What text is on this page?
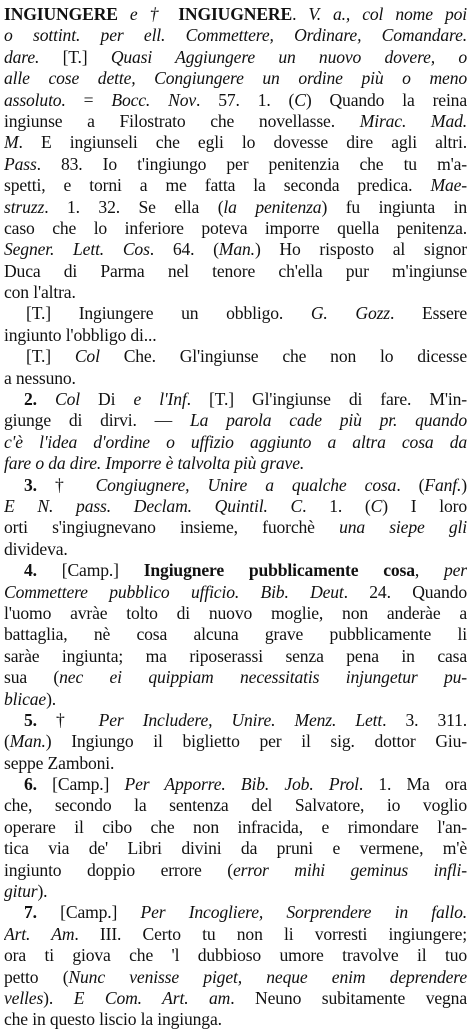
INGIUNGERE e † INGIUGNERE. V. a., col nome poi
o sottint. per ell. Commettere, Ordinare, Comandare.
dare. [T.] Quasi Aggiungere un nuovo dovere, o
alle cose dette, Congiungere un ordine più o meno
assoluto. = Bocc. Nov. 57. 1. (C) Quando la reina
ingiunse a Filostrato che novellasse. Mirac. Mad.
M. E ingiunseli che egli lo dovesse dire agli altri.
Pass. 83. Io t'ingiungo per penitenzia che tu m'a-
spetti, e torni a me fatta la seconda predica. Mae-
struzz. 1. 32. Se ella (la penitenza) fu ingiunta in
caso che lo inferiore poteva imporre quella penitenza.
Segner. Lett. Cos. 64. (Man.) Ho risposto al signor
Duca di Parma nel tenore ch'ella pur m'ingiunse
con l'altra.
[T.] Ingiungere un obbligo. G. Gozz. Essere
ingiunto l'obbligo di...
[T.] Col Che. Gl'ingiunse che non lo dicesse
a nessuno.
2. Col Di e l'Inf. [T.] Gl'ingiunse di fare. M'in-
giunge di dirvi. — La parola cade più pr. quando
c'è l'idea d'ordine o uffizio aggiunto a altra cosa da
fare o da dire. Imporre è talvolta più grave.
3. † Congiugnere, Unire a qualche cosa. (Fanf.)
E N. pass. Declam. Quintil. C. 1. (C) I loro
orti s'ingiugnevano insieme, fuorchè una siepe gli
divideva.
4. [Camp.] Ingiugnere pubblicamente cosa, per
Commettere pubblico ufficio. Bib. Deut. 24. Quando
l'uomo avràe tolto di nuovo moglie, non anderàe a
battaglia, nè cosa alcuna grave pubblicamente li
saràe ingiunta; ma riposerassi senza pena in casa
sua (nec ei quippiam necessitatis injungetur pu-
blicae).
5. † Per Includere, Unire. Menz. Lett. 3. 311.
(Man.) Ingiungo il biglietto per il sig. dottor Giu-
seppe Zamboni.
6. [Camp.] Per Apporre. Bib. Job. Prol. 1. Ma ora
che, secondo la sentenza del Salvatore, io voglio
operare il cibo che non infracida, e rimondare l'an-
tica via de' Libri divini da pruni e vermene, m'è
ingiunto doppio errore (error mihi geminus infli-
gitur).
7. [Camp.] Per Incogliere, Sorprendere in fallo.
Art. Am. III. Certo tu non li vorresti ingiungere;
ora ti giova che 'l dubbioso umore travolve il tuo
petto (Nunc venisse piget, neque enim deprendere
velles). E Com. Art. am. Neuno subitamente vegna
che in questo liscio la ingiunga.
